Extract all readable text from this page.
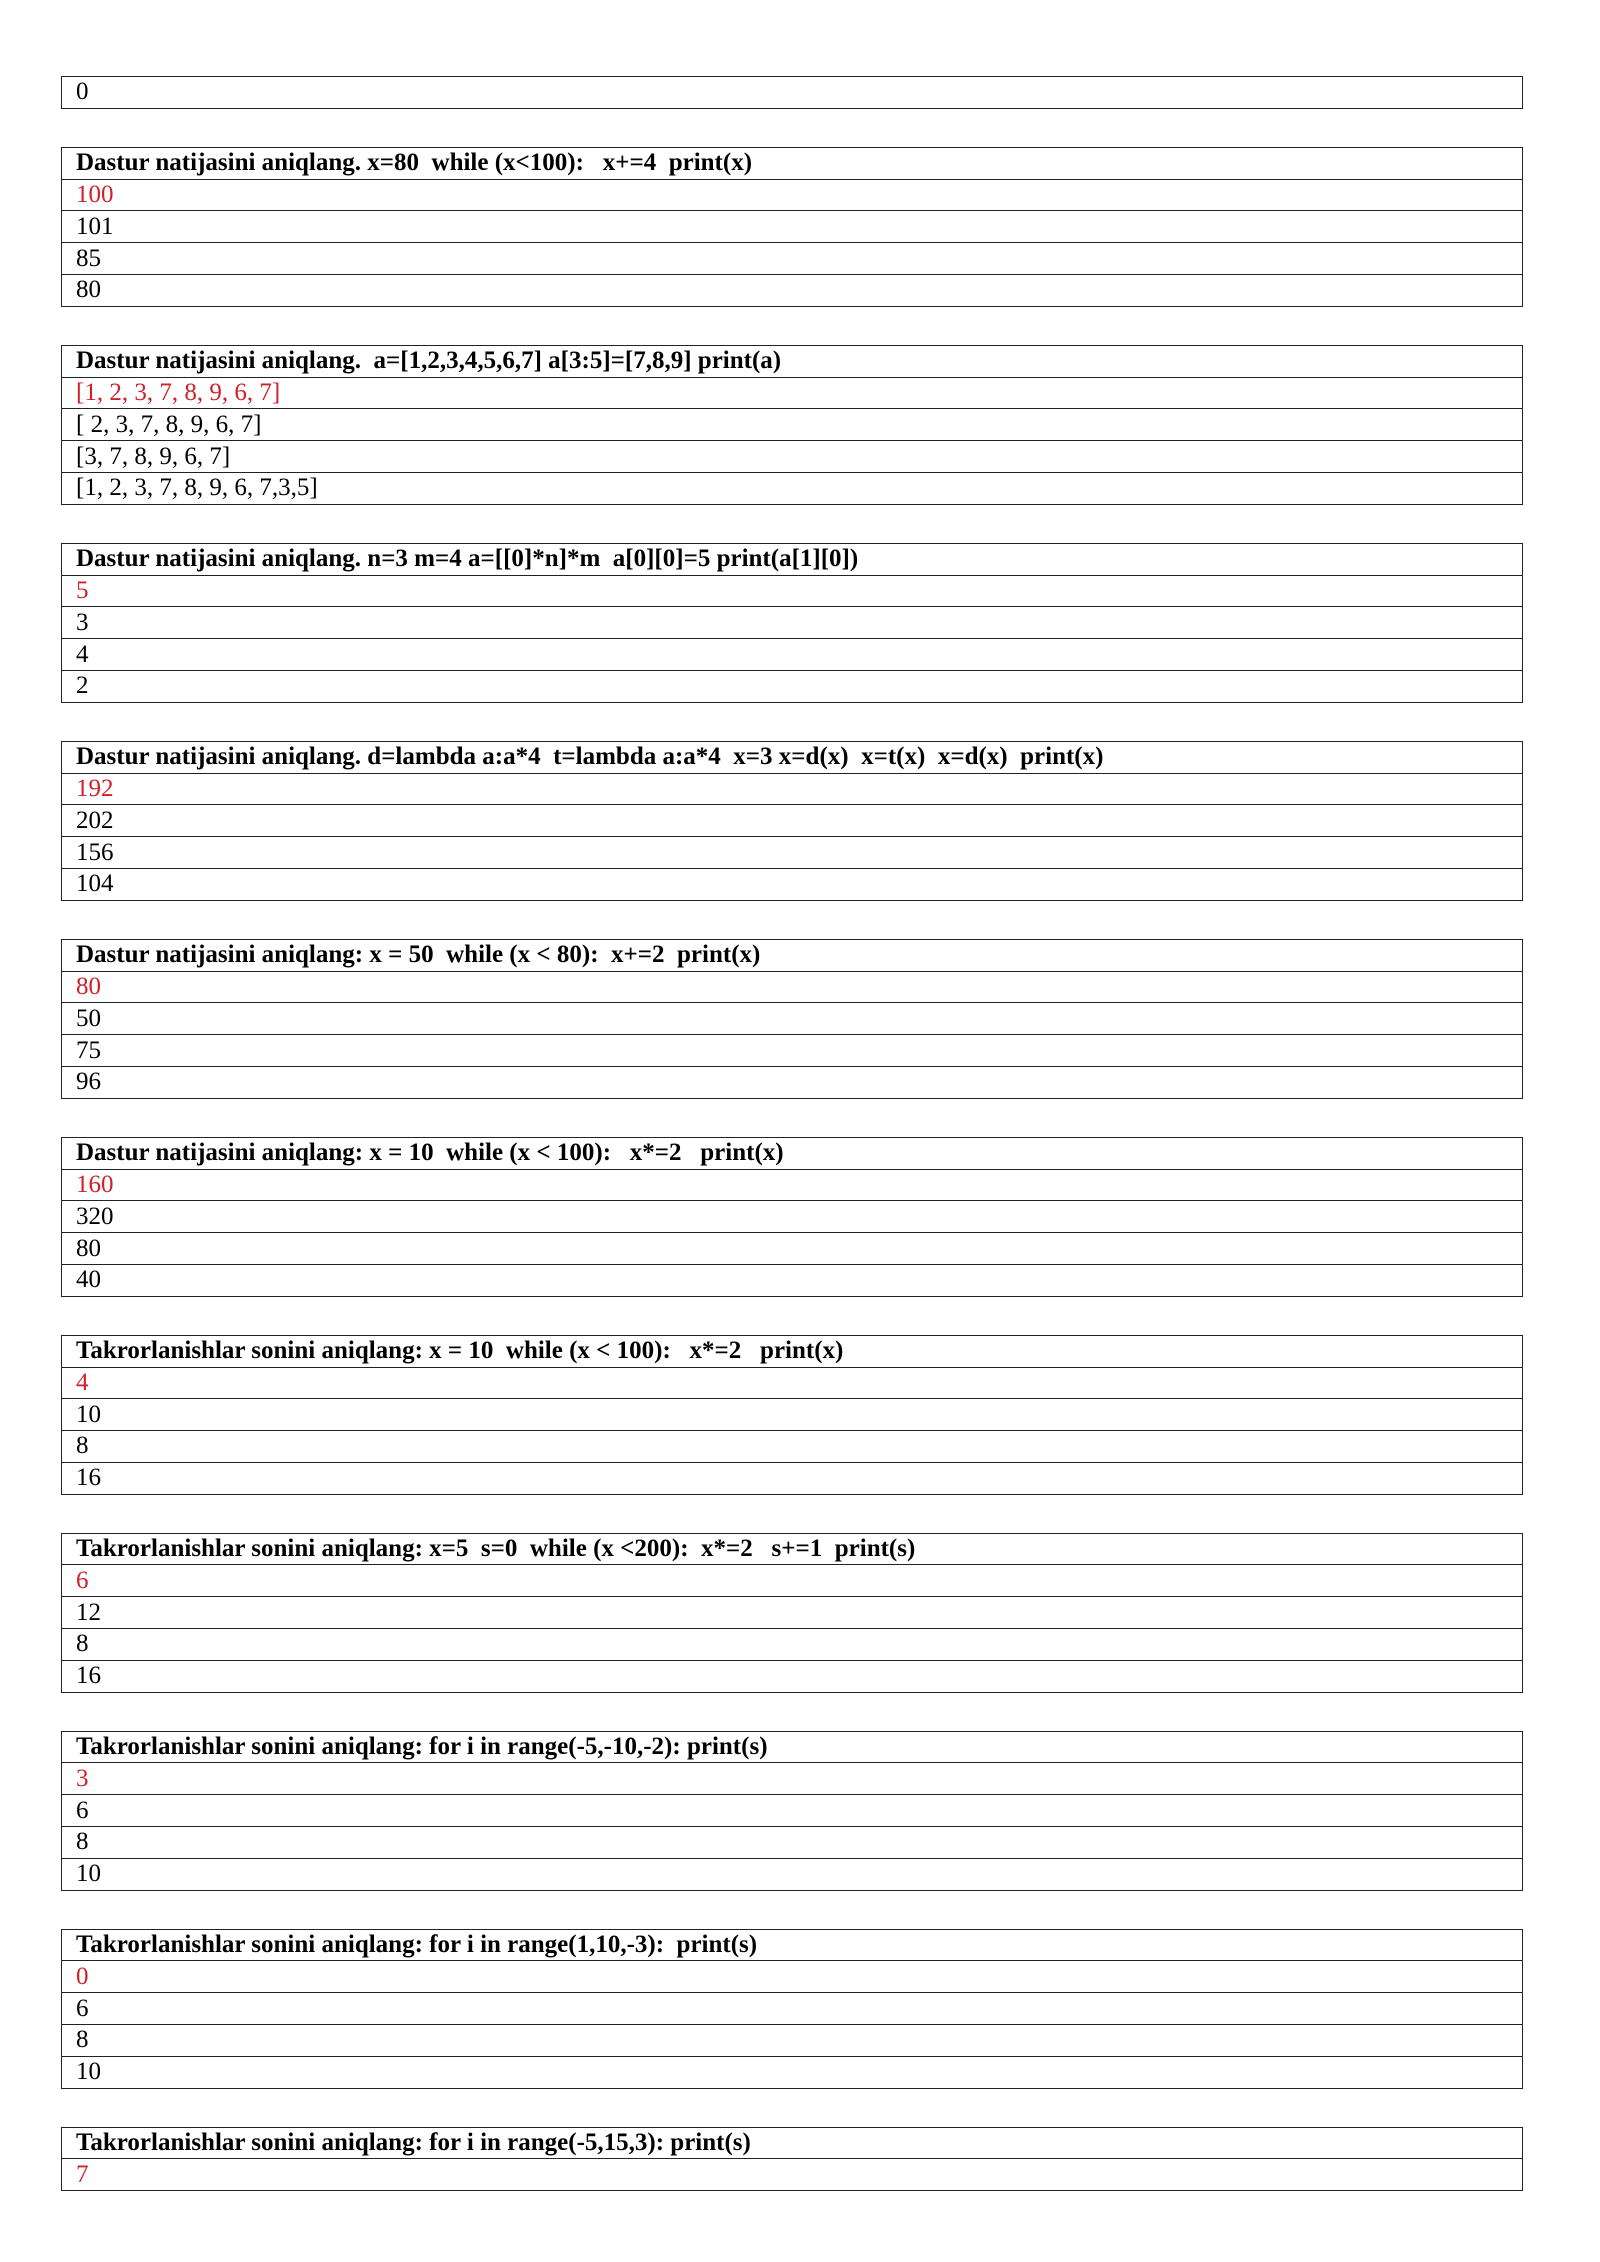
0
Dastur natijasini aniqlang. x=80  while (x<100):   x+=4  print(x)
100
101
85
80
Dastur natijasini aniqlang.  a=[1,2,3,4,5,6,7] a[3:5]=[7,8,9] print(a)
[1, 2, 3, 7, 8, 9, 6, 7]
[ 2, 3, 7, 8, 9, 6, 7]
[3, 7, 8, 9, 6, 7]
[1, 2, 3, 7, 8, 9, 6, 7,3,5]
Dastur natijasini aniqlang. n=3 m=4 a=[[0]*n]*m  a[0][0]=5 print(a[1][0])
5
3
4
2
Dastur natijasini aniqlang. d=lambda a:a*4  t=lambda a:a*4  x=3 x=d(x)  x=t(x)  x=d(x)  print(x)
192
202
156
104
Dastur natijasini aniqlang: x = 50  while (x < 80):  x+=2  print(x)
80
50
75
96
Dastur natijasini aniqlang: x = 10  while (x < 100):   x*=2   print(x)
160
320
80
40
Takrorlanishlar sonini aniqlang: x = 10  while (x < 100):   x*=2   print(x)
4
10
8
16
Takrorlanishlar sonini aniqlang: x=5  s=0  while (x <200):  x*=2   s+=1  print(s)
6
12
8
16
Takrorlanishlar sonini aniqlang: for i in range(-5,-10,-2): print(s)
3
6
8
10
Takrorlanishlar sonini aniqlang: for i in range(1,10,-3):  print(s)
0
6
8
10
Takrorlanishlar sonini aniqlang: for i in range(-5,15,3): print(s)
7
